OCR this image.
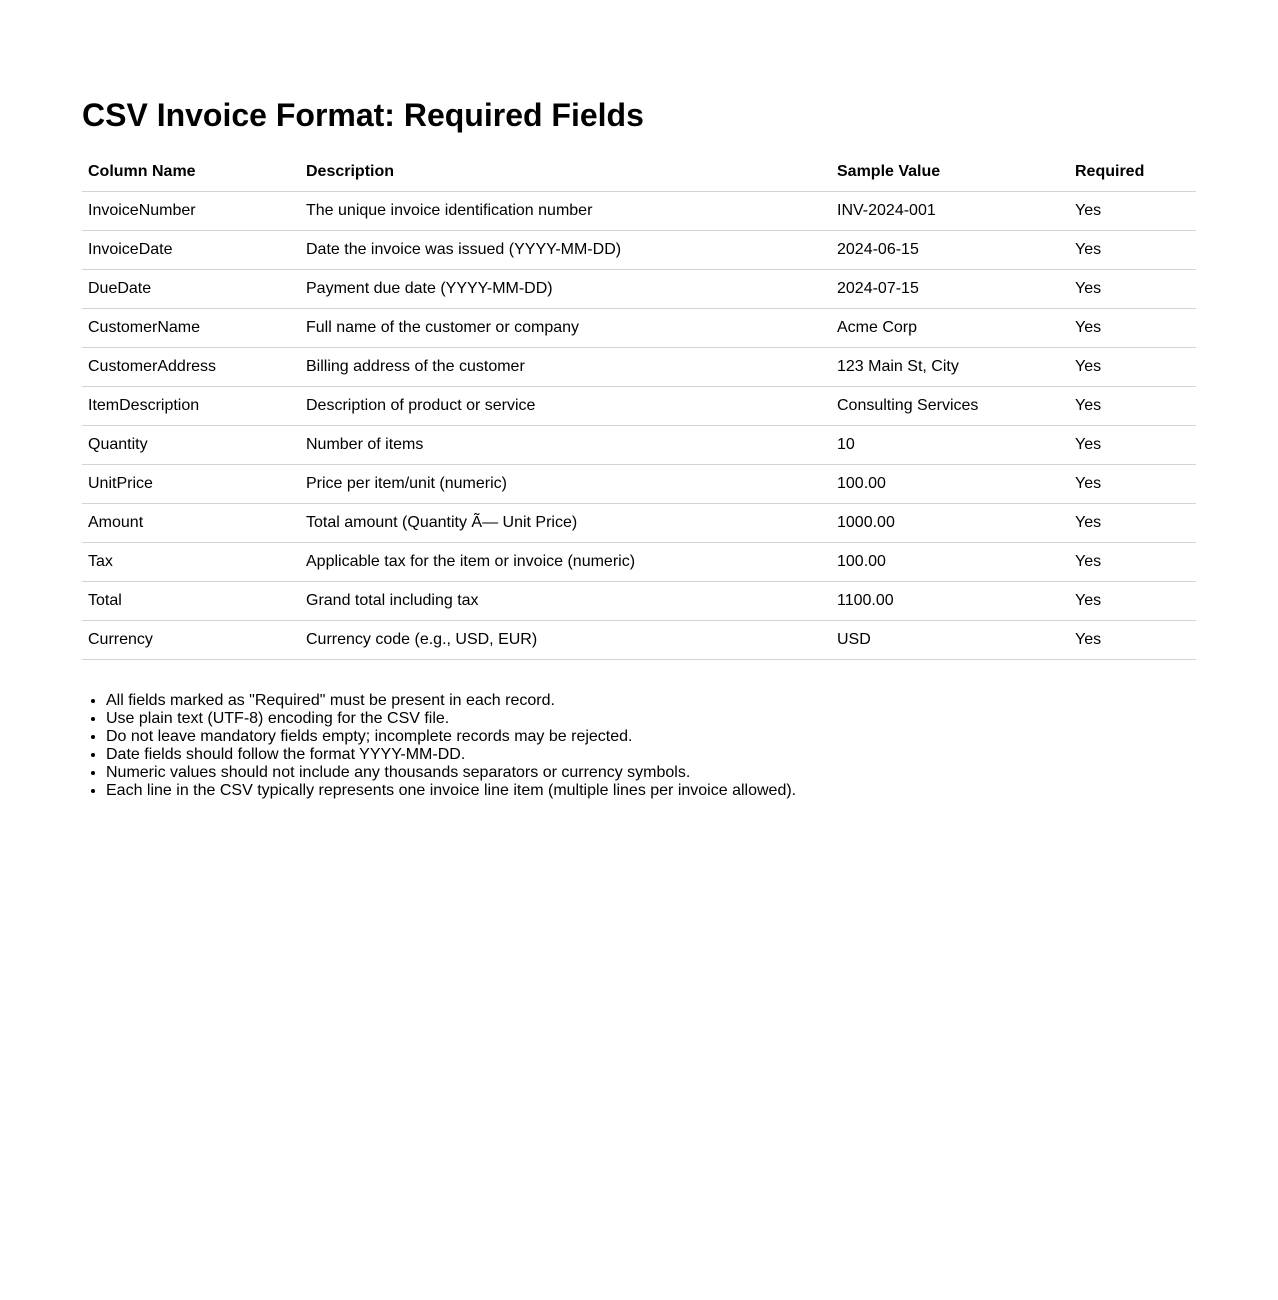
CSV Invoice Format: Required Fields
Column Name	Description	Sample Value	Required
InvoiceNumber	The unique invoice identification number	INV-2024-001	Yes
InvoiceDate	Date the invoice was issued (YYYY-MM-DD)	2024-06-15	Yes
DueDate	Payment due date (YYYY-MM-DD)	2024-07-15	Yes
CustomerName	Full name of the customer or company	Acme Corp	Yes
CustomerAddress	Billing address of the customer	123 Main St, City	Yes
ItemDescription	Description of product or service	Consulting Services	Yes
Quantity	Number of items	10	Yes
UnitPrice	Price per item/unit (numeric)	100.00	Yes
Amount	Total amount (Quantity Ã— Unit Price)	1000.00	Yes
Tax	Applicable tax for the item or invoice (numeric)	100.00	Yes
Total	Grand total including tax	1100.00	Yes
Currency	Currency code (e.g., USD, EUR)	USD	Yes
• All fields marked as "Required" must be present in each record.
• Use plain text (UTF-8) encoding for the CSV file.
• Do not leave mandatory fields empty; incomplete records may be rejected.
• Date fields should follow the format YYYY-MM-DD.
• Numeric values should not include any thousands separators or currency symbols.
• Each line in the CSV typically represents one invoice line item (multiple lines per invoice allowed).
